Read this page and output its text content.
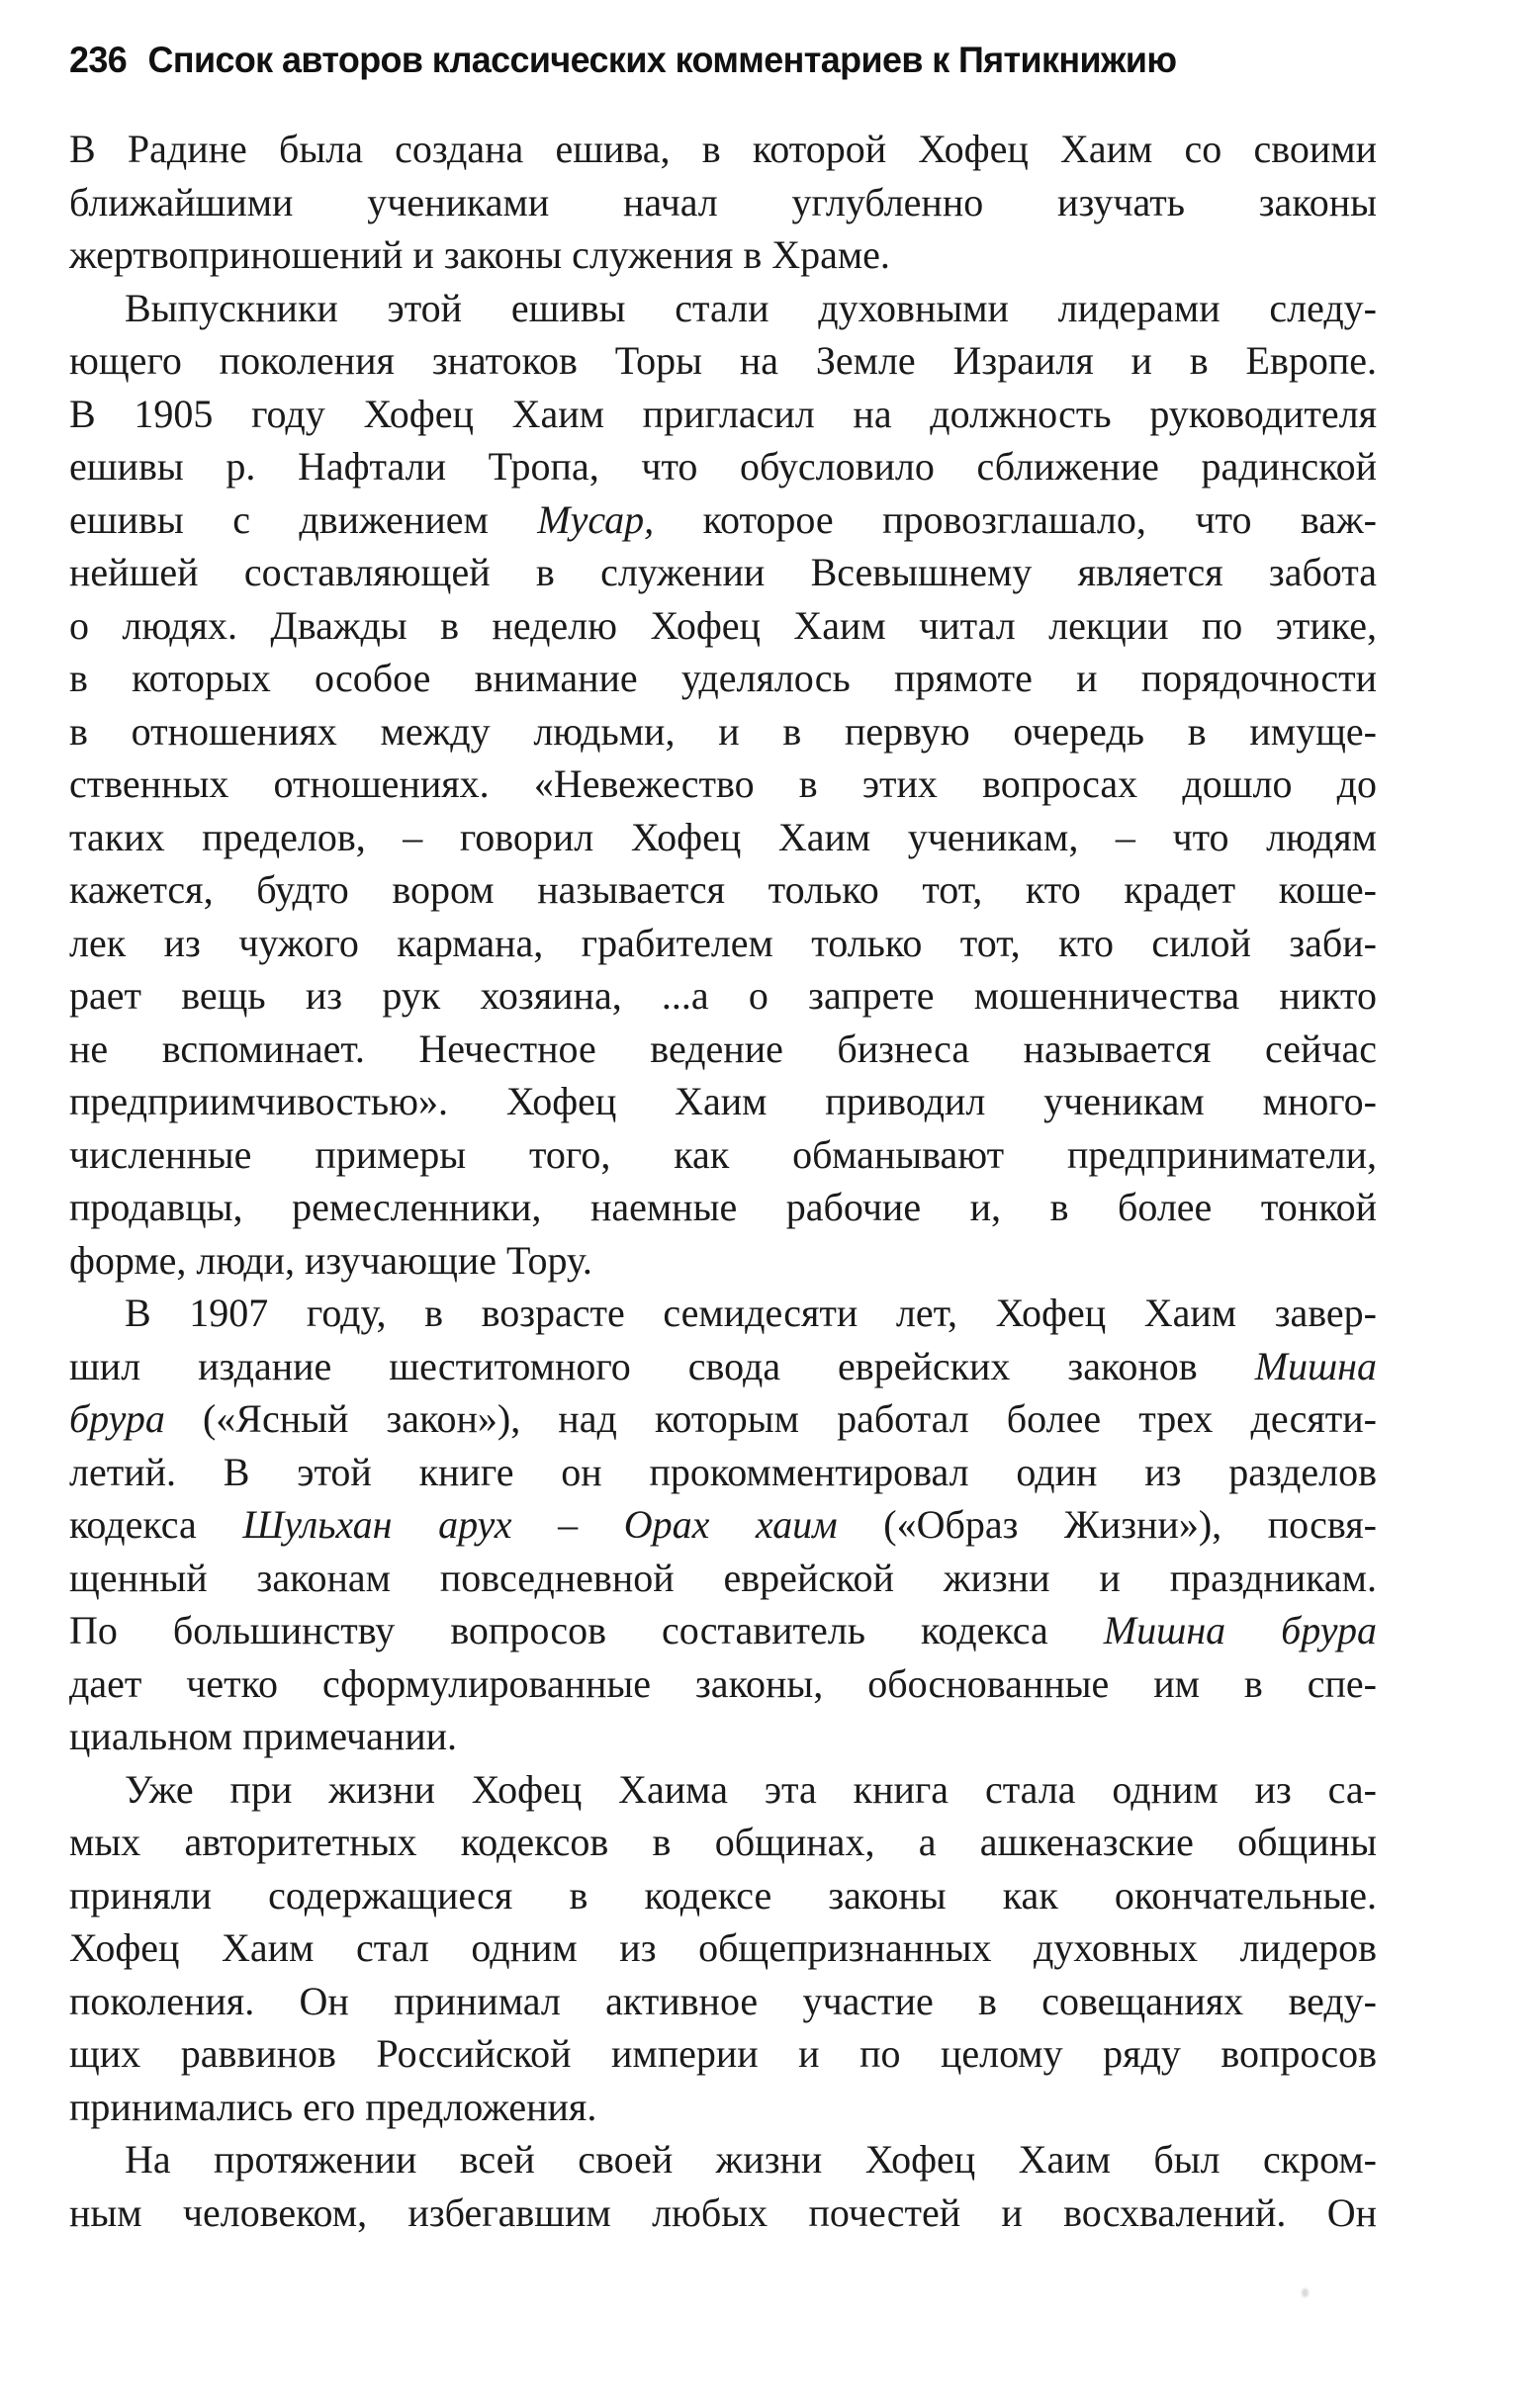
236 Список авторов классических комментариев к Пятикнижию
В Радине была создана ешива, в которой Хофец Хаим со своими
ближайшими учениками начал углубленно изучать законы
жертвоприношений и законы служения в Храме.
Выпускники этой ешивы стали духовными лидерами следу-
ющего поколения знатоков Торы на Земле Израиля и в Европе.
В 1905 году Хофец Хаим пригласил на должность руководителя
ешивы р. Нафтали Тропа, что обусловило сближение радинской
ешивы с движением Мусар, которое провозглашало, что важ-
нейшей составляющей в служении Всевышнему является забота
о людях. Дважды в неделю Хофец Хаим читал лекции по этике,
в которых особое внимание уделялось прямоте и порядочности
в отношениях между людьми, и в первую очередь в имуще-
ственных отношениях. «Невежество в этих вопросах дошло до
таких пределов, – говорил Хофец Хаим ученикам, – что людям
кажется, будто вором называется только тот, кто крадет коше-
лек из чужого кармана, грабителем только тот, кто силой заби-
рает вещь из рук хозяина, ...а о запрете мошенничества никто
не вспоминает. Нечестное ведение бизнеса называется сейчас
предприимчивостью». Хофец Хаим приводил ученикам много-
численные примеры того, как обманывают предприниматели,
продавцы, ремесленники, наемные рабочие и, в более тонкой
форме, люди, изучающие Тору.
В 1907 году, в возрасте семидесяти лет, Хофец Хаим завер-
шил издание шеститомного свода еврейских законов Мишна
брура («Ясный закон»), над которым работал более трех десяти-
летий. В этой книге он прокомментировал один из разделов
кодекса Шульхан арух – Орах хаим («Образ Жизни»), посвя-
щенный законам повседневной еврейской жизни и праздникам.
По большинству вопросов составитель кодекса Мишна брура
дает четко сформулированные законы, обоснованные им в спе-
циальном примечании.
Уже при жизни Хофец Хаима эта книга стала одним из са-
мых авторитетных кодексов в общинах, а ашкеназские общины
приняли содержащиеся в кодексе законы как окончательные.
Хофец Хаим стал одним из общепризнанных духовных лидеров
поколения. Он принимал активное участие в совещаниях веду-
щих раввинов Российской империи и по целому ряду вопросов
принимались его предложения.
На протяжении всей своей жизни Хофец Хаим был скром-
ным человеком, избегавшим любых почестей и восхвалений. Он
